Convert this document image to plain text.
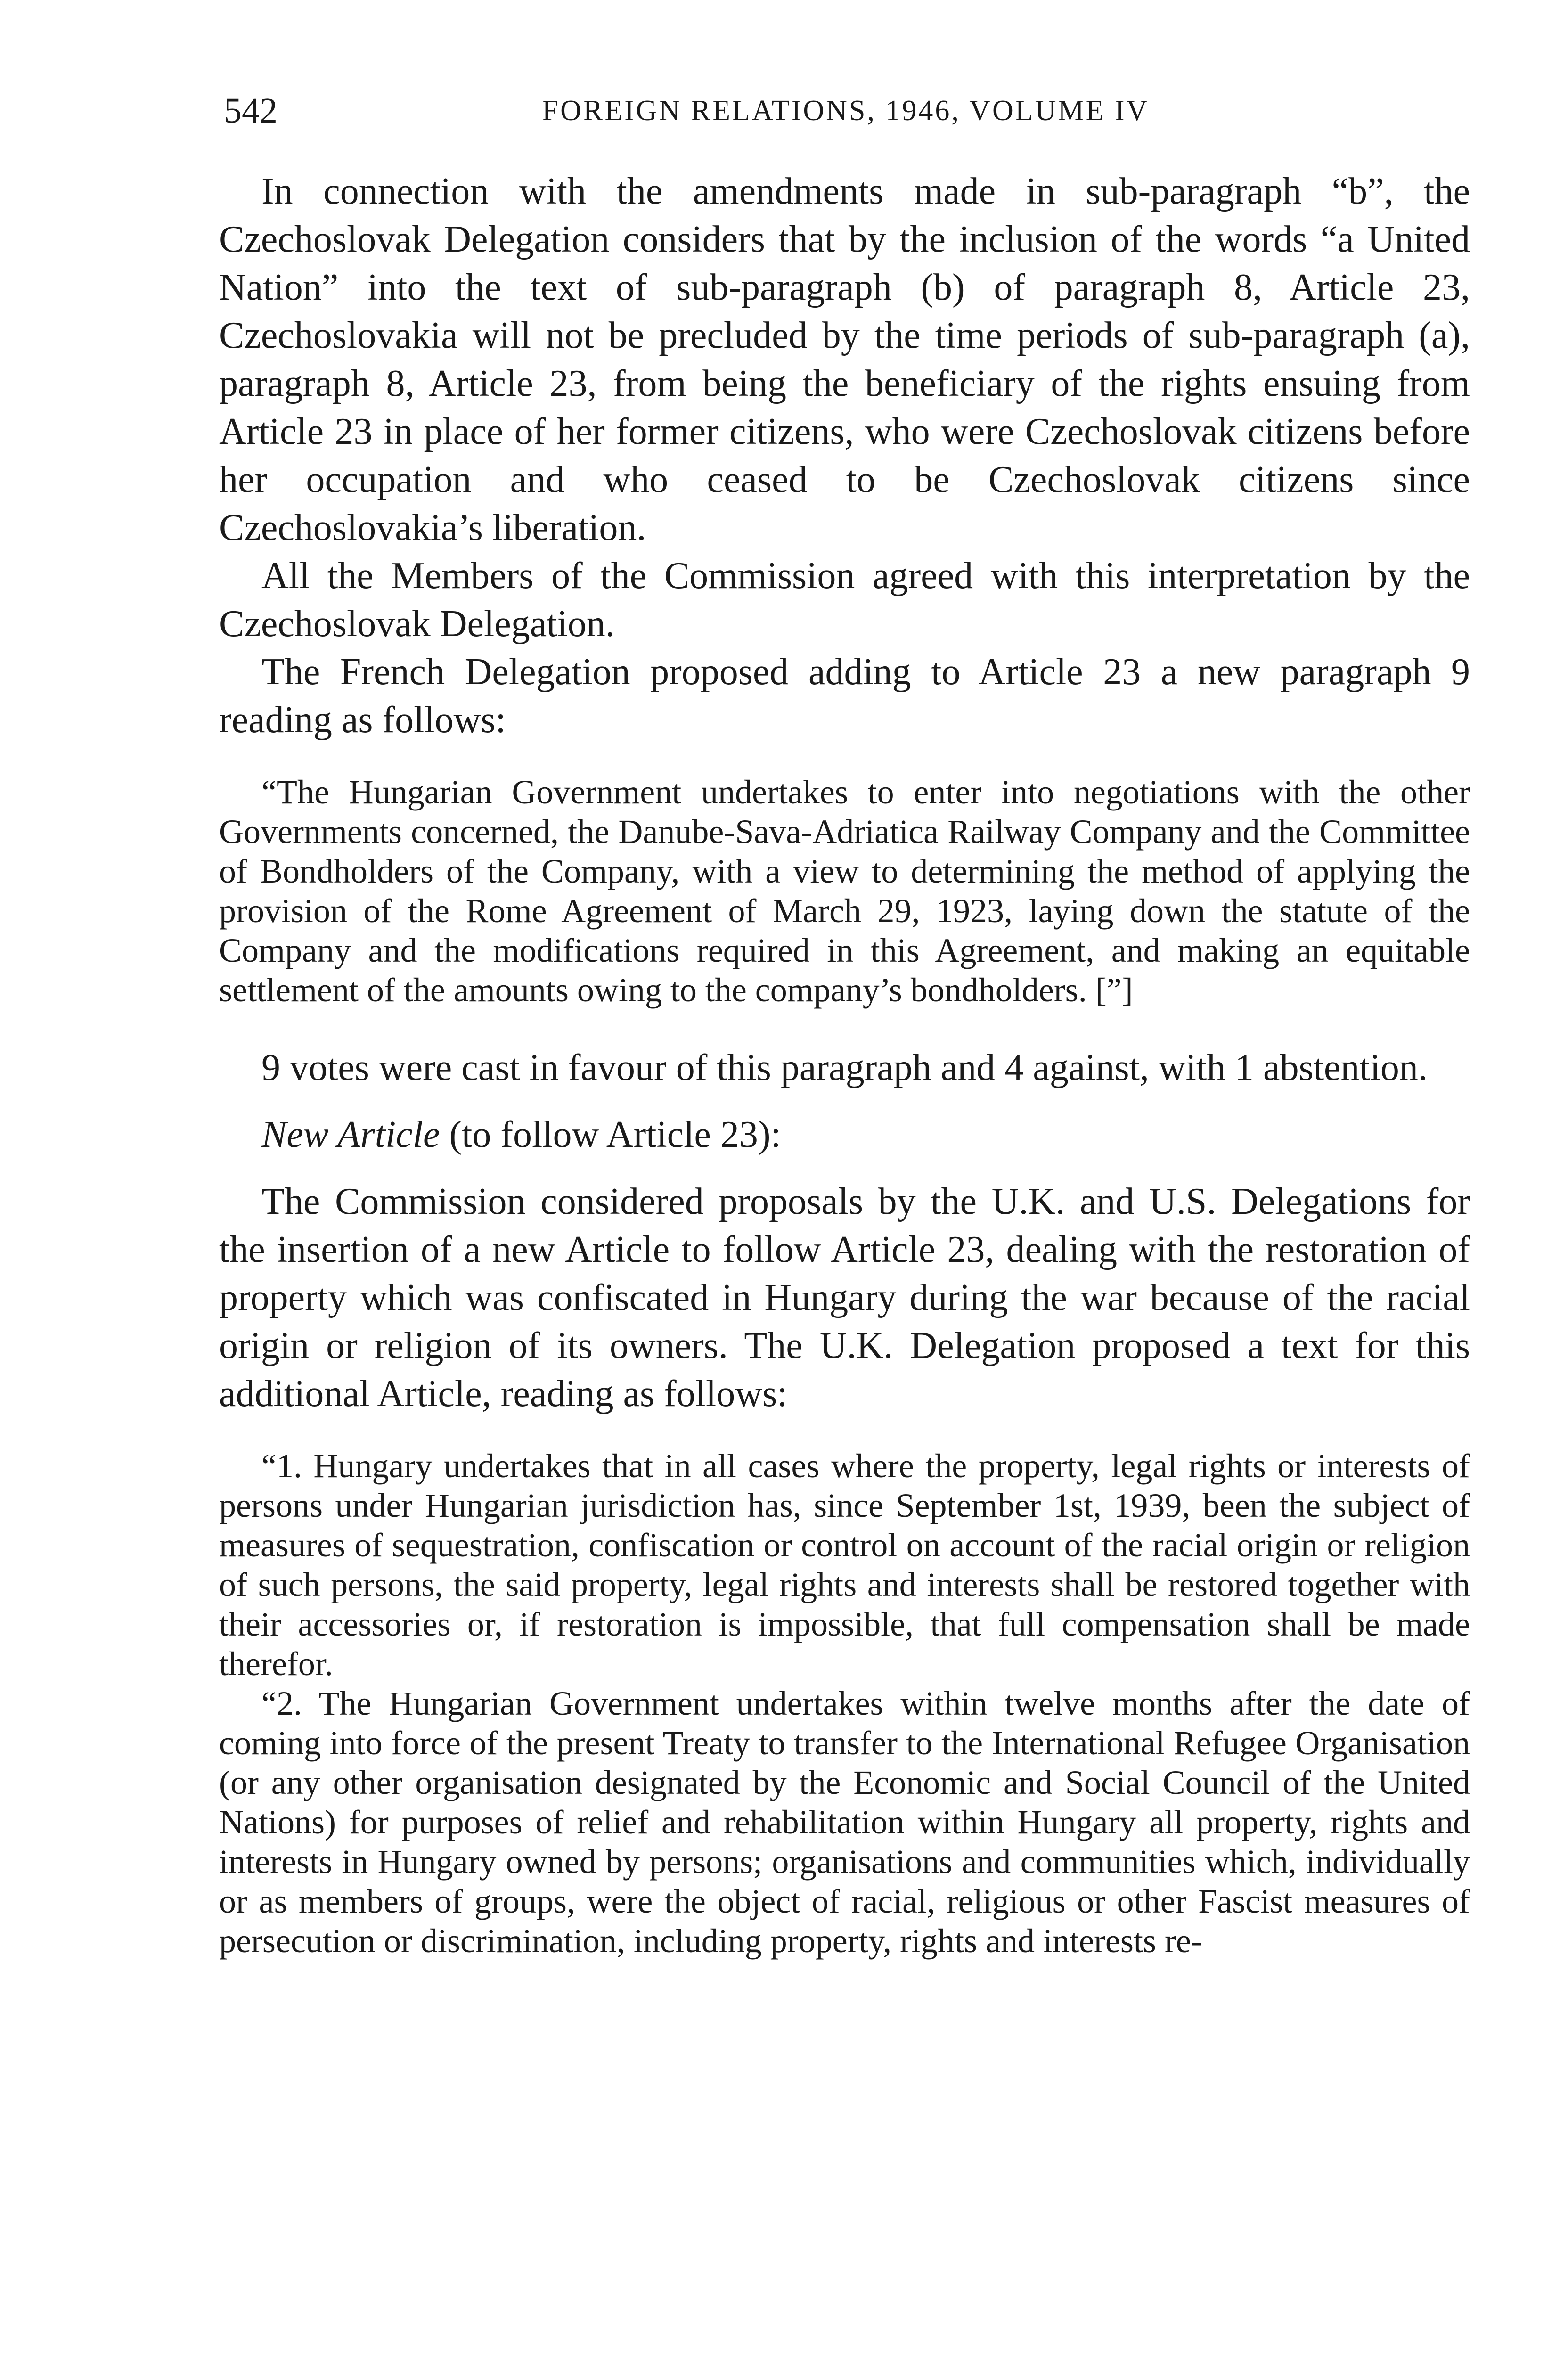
542	FOREIGN RELATIONS, 1946, VOLUME IV

In connection with the amendments made in sub-paragraph “b”, the Czechoslovak Delegation considers that by the inclusion of the words “a United Nation” into the text of sub-paragraph (b) of paragraph 8, Article 23, Czechoslovakia will not be precluded by the time periods of sub-paragraph (a), paragraph 8, Article 23, from being the beneficiary of the rights ensuing from Article 23 in place of her former citizens, who were Czechoslovak citizens before her occupation and who ceased to be Czechoslovak citizens since Czechoslovakia’s liberation.

All the Members of the Commission agreed with this interpretation by the Czechoslovak Delegation.

The French Delegation proposed adding to Article 23 a new paragraph 9 reading as follows:

“The Hungarian Government undertakes to enter into negotiations with the other Governments concerned, the Danube-Sava-Adriatica Railway Company and the Committee of Bondholders of the Company, with a view to determining the method of applying the provision of the Rome Agreement of March 29, 1923, laying down the statute of the Company and the modifications required in this Agreement, and making an equitable settlement of the amounts owing to the company’s bondholders. [”]

9 votes were cast in favour of this paragraph and 4 against, with 1 abstention.

New Article (to follow Article 23):

The Commission considered proposals by the U.K. and U.S. Delegations for the insertion of a new Article to follow Article 23, dealing with the restoration of property which was confiscated in Hungary during the war because of the racial origin or religion of its owners. The U.K. Delegation proposed a text for this additional Article, reading as follows:

“1. Hungary undertakes that in all cases where the property, legal rights or interests of persons under Hungarian jurisdiction has, since September 1st, 1939, been the subject of measures of sequestration, confiscation or control on account of the racial origin or religion of such persons, the said property, legal rights and interests shall be restored together with their accessories or, if restoration is impossible, that full compensation shall be made therefor.

“2. The Hungarian Government undertakes within twelve months after the date of coming into force of the present Treaty to transfer to the International Refugee Organisation (or any other organisation designated by the Economic and Social Council of the United Nations) for purposes of relief and rehabilitation within Hungary all property, rights and interests in Hungary owned by persons; organisations and communities which, individually or as members of groups, were the object of racial, religious or other Fascist measures of persecution or discrimination, including property, rights and interests re-
